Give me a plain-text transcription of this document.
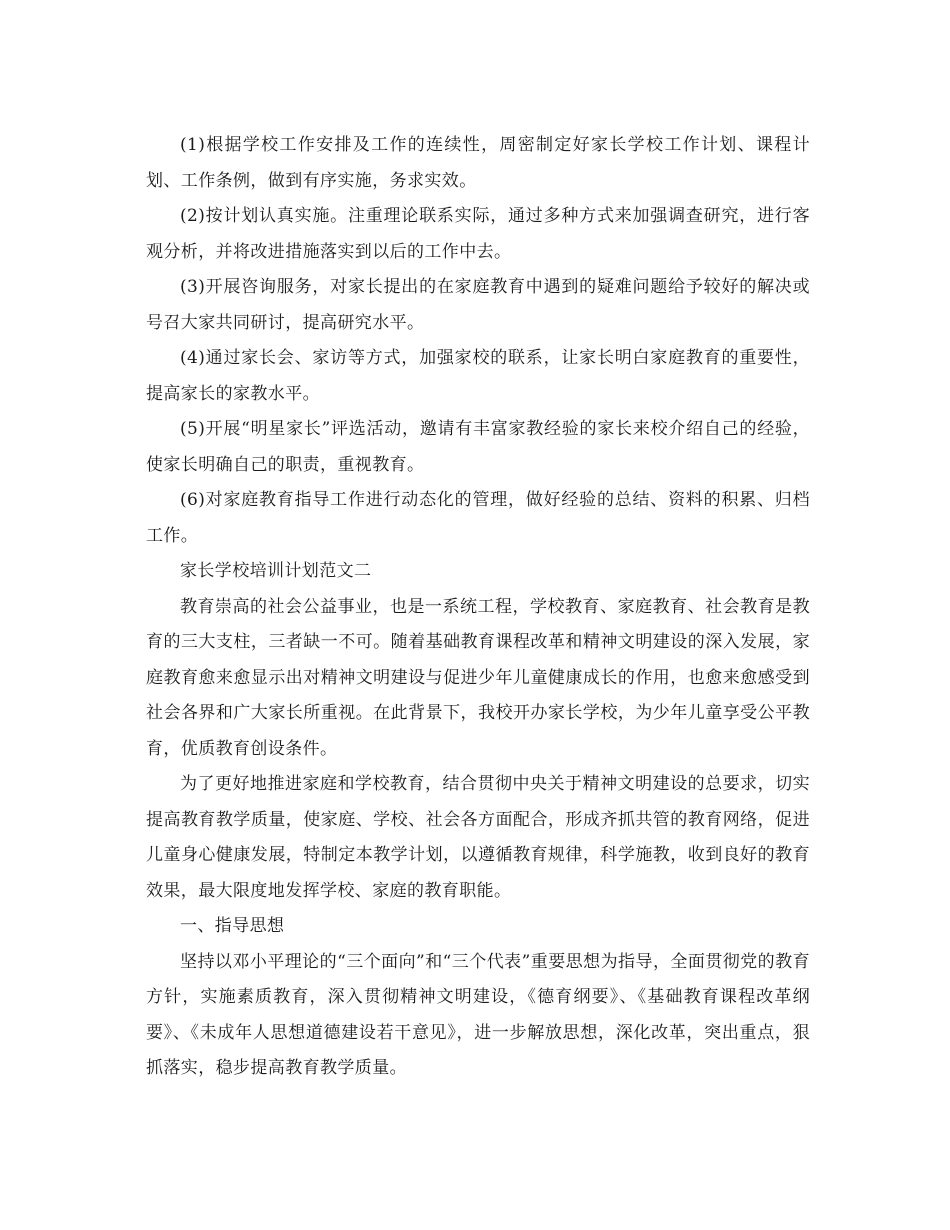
(1)根据学校工作安排及工作的连续性，周密制定好家长学校工作计划、课程计划、工作条例，做到有序实施，务求实效。

(2)按计划认真实施。注重理论联系实际，通过多种方式来加强调查研究，进行客观分析，并将改进措施落实到以后的工作中去。

(3)开展咨询服务，对家长提出的在家庭教育中遇到的疑难问题给予较好的解决或号召大家共同研讨，提高研究水平。

(4)通过家长会、家访等方式，加强家校的联系，让家长明白家庭教育的重要性，提高家长的家教水平。

(5)开展“明星家长”评选活动，邀请有丰富家教经验的家长来校介绍自己的经验，使家长明确自己的职责，重视教育。

(6)对家庭教育指导工作进行动态化的管理，做好经验的总结、资料的积累、归档工作。

家长学校培训计划范文二

教育崇高的社会公益事业，也是一系统工程，学校教育、家庭教育、社会教育是教育的三大支柱，三者缺一不可。随着基础教育课程改革和精神文明建设的深入发展，家庭教育愈来愈显示出对精神文明建设与促进少年儿童健康成长的作用，也愈来愈感受到社会各界和广大家长所重视。在此背景下，我校开办家长学校，为少年儿童享受公平教育，优质教育创设条件。

为了更好地推进家庭和学校教育，结合贯彻中央关于精神文明建设的总要求，切实提高教育教学质量，使家庭、学校、社会各方面配合，形成齐抓共管的教育网络，促进儿童身心健康发展，特制定本教学计划，以遵循教育规律，科学施教，收到良好的教育效果，最大限度地发挥学校、家庭的教育职能。

一、指导思想

坚持以邓小平理论的“三个面向”和“三个代表”重要思想为指导，全面贯彻党的教育方针，实施素质教育，深入贯彻精神文明建设，《德育纲要》、《基础教育课程改革纲要》、《未成年人思想道德建设若干意见》，进一步解放思想，深化改革，突出重点，狠抓落实，稳步提高教育教学质量。
